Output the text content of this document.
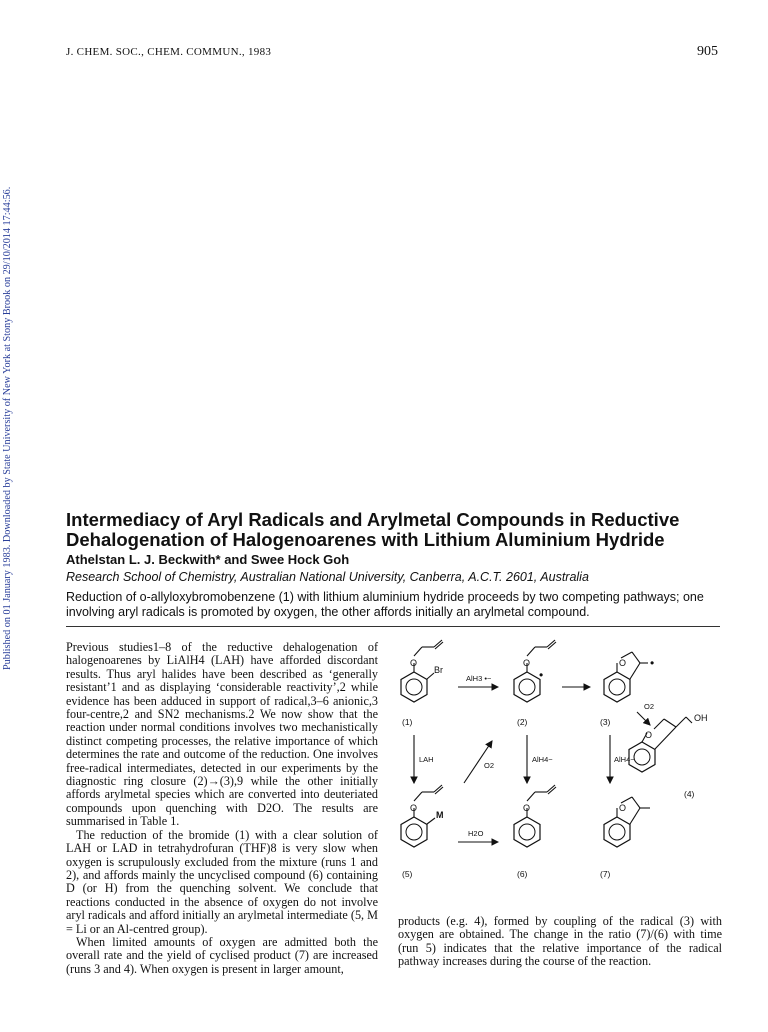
J. CHEM. SOC., CHEM. COMMUN., 1983	905
Published on 01 January 1983. Downloaded by State University of New York at Stony Brook on 29/10/2014 17:44:56.	Intermediacy of Aryl Radicals and Arylmetal Compounds in Reductive Dehalogenation of Halogenoarenes with Lithium Aluminium Hydride
Athelstan L. J. Beckwith* and Swee Hock Goh
Research School of Chemistry, Australian National University, Canberra, A.C.T. 2601, Australia
Reduction of o-allyloxybromobenzene (1) with lithium aluminium hydride proceeds by two competing pathways; one involving aryl radicals is promoted by oxygen, the other affords initially an arylmetal compound.

Previous studies1–8 of the reductive dehalogenation of halogenoarenes by LiAlH4 (LAH) have afforded discordant results. Thus aryl halides have been described as ‘generally resistant’1 and as displaying ‘considerable reactivity’,2 while evidence has been adduced in support of radical,3–6 anionic,3 four-centre,2 and SN2 mechanisms.2 We now show that the reaction under normal conditions involves two mechanistically distinct competing processes, the relative importance of which determines the rate and outcome of the reduction. One involves free-radical intermediates, detected in our experiments by the diagnostic ring closure (2)→(3),9 while the other initially affords arylmetal species which are converted into deuteriated compounds upon quenching with D2O. The results are summarised in Table 1.

The reduction of the bromide (1) with a clear solution of LAH or LAD in tetrahydrofuran (THF)8 is very slow when oxygen is scrupulously excluded from the mixture (runs 1 and 2), and affords mainly the uncyclised compound (6) containing D (or H) from the quenching solvent. We conclude that reactions conducted in the absence of oxygen do not involve aryl radicals and afford initially an arylmetal intermediate (5, M = Li or an Al-centred group).

When limited amounts of oxygen are admitted both the overall rate and the yield of cyclised product (7) are increased (runs 3 and 4). When oxygen is present in larger amount,

products (e.g. 4), formed by coupling of the radical (3) with oxygen are obtained. The change in the ratio (7)/(6) with time (run 5) indicates that the relative importance of the radical pathway increases during the course of the reaction.

O	O	O
O
O	O	O
Br
M
OH
•
•
AlH3 •−
O2
LAH
O2
AlH4−	AlH4−
H2O
(1)	(2)	(3)
(4)
(5)	(6)	(7)
